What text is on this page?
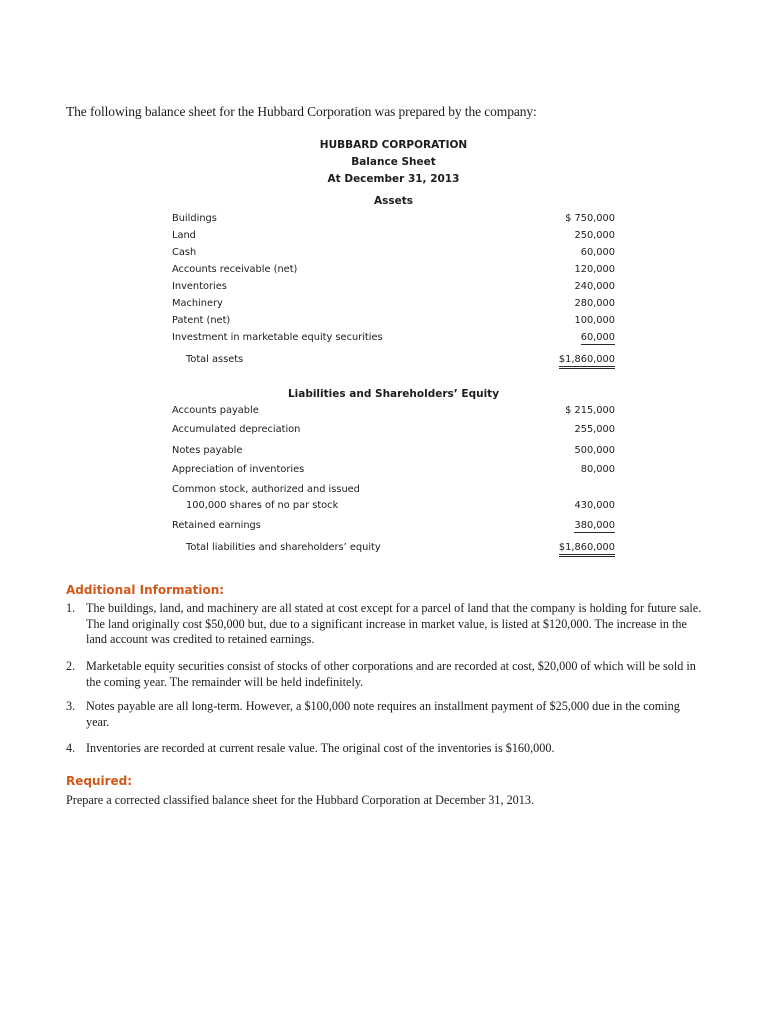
The following balance sheet for the Hubbard Corporation was prepared by the company:
HUBBARD CORPORATION
Balance Sheet
At December 31, 2013
Assets
Buildings	$ 750,000
Land	250,000
Cash	60,000
Accounts receivable (net)	120,000
Inventories	240,000
Machinery	280,000
Patent (net)	100,000
Investment in marketable equity securities	60,000
Total assets	$1,860,000
Liabilities and Shareholders’ Equity
Accounts payable	$ 215,000
Accumulated depreciation	255,000
Notes payable	500,000
Appreciation of inventories	80,000
Common stock, authorized and issued
100,000 shares of no par stock	430,000
Retained earnings	380,000
Total liabilities and shareholders’ equity	$1,860,000
Additional Information:
1. The buildings, land, and machinery are all stated at cost except for a parcel of land that the company is holding for future sale. The land originally cost $50,000 but, due to a significant increase in market value, is listed at $120,000. The increase in the land account was credited to retained earnings.
2. Marketable equity securities consist of stocks of other corporations and are recorded at cost, $20,000 of which will be sold in the coming year. The remainder will be held indefinitely.
3. Notes payable are all long-term. However, a $100,000 note requires an installment payment of $25,000 due in the coming year.
4. Inventories are recorded at current resale value. The original cost of the inventories is $160,000.
Required:
Prepare a corrected classified balance sheet for the Hubbard Corporation at December 31, 2013.
